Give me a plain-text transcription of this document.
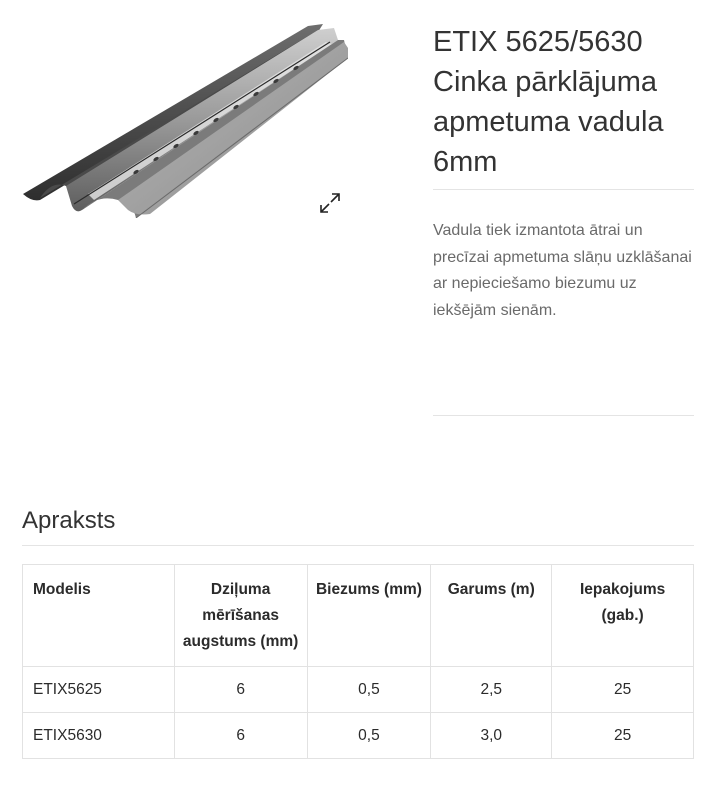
ETIX 5625/5630 Cinka pārklājuma apmetuma vadula 6mm

Vadula tiek izmantota ātrai un precīzai apmetuma slāņu uzklāšanai ar nepieciešamo biezumu uz iekšējām sienām.

Apraksts
Modelis	Dziļuma mērīšanas augstums (mm)	Biezums (mm)	Garums (m)	Iepakojums (gab.)
ETIX5625	6	0,5	2,5	25
ETIX5630	6	0,5	3,0	25
